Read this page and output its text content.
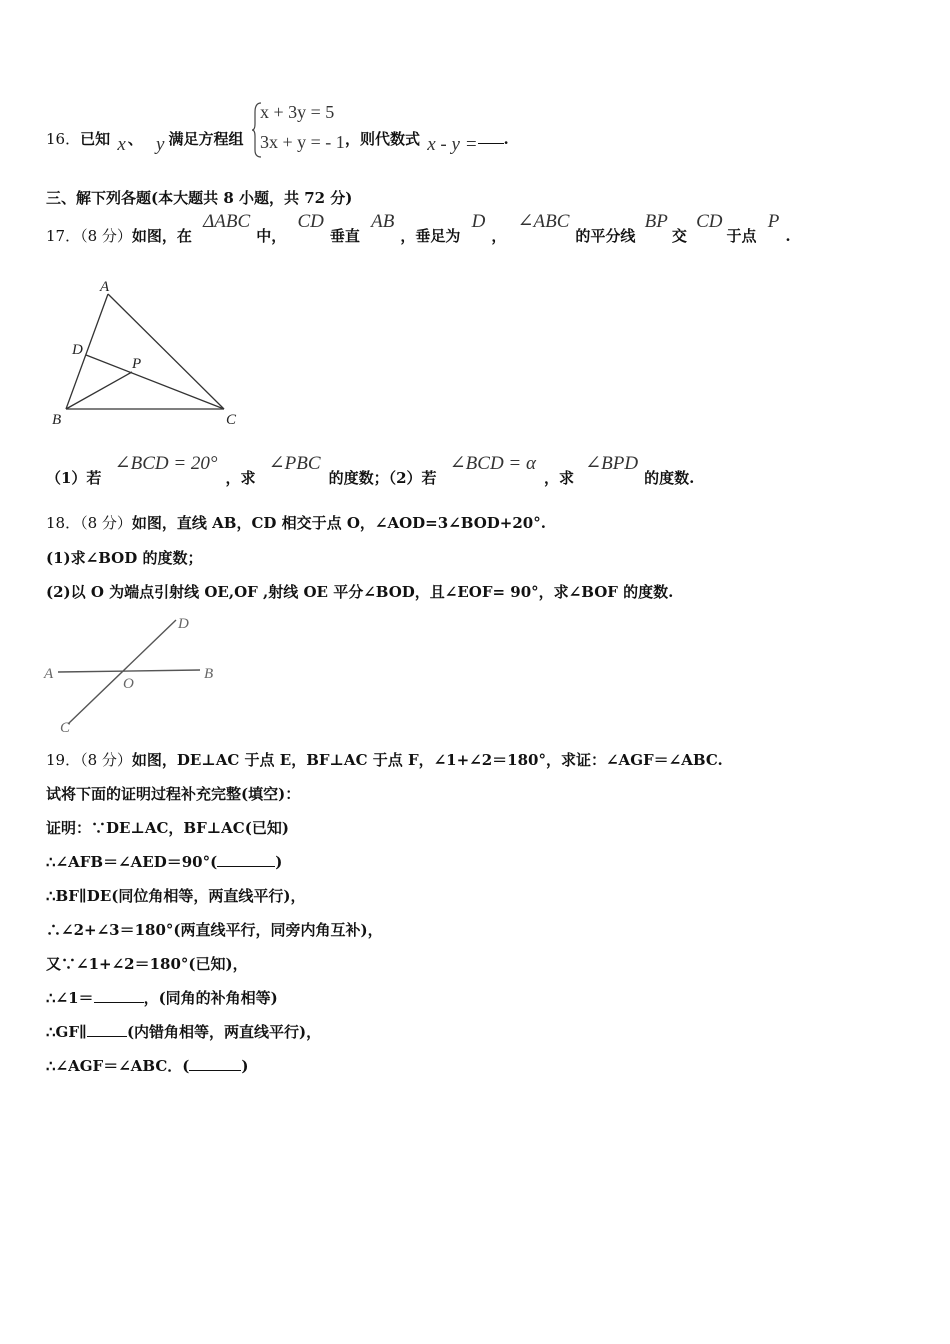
16．已知 x 、 y 满足方程组
x + 3y = 5
3x + y = - 1 ，则代数式 x - y = .
三、解下列各题(本大题共 8 小题，共 72 分)
17．（8 分）如图，在 ΔABC中， CD垂直 AB，垂足为 D， ∠ABC的平分线 BP交 CD于点 P.
A
D
P
B	C
（1）若 ∠BCD = 20°，求 ∠PBC的度数；（2）若 ∠BCD = α，求 ∠BPD的度数.
18．（8 分）如图，直线 AB，CD 相交于点 O，∠AOD=3∠BOD+20°.
(1)求∠BOD 的度数；
(2)以 O 为端点引射线 OE,OF ,射线 OE 平分∠BOD，且∠EOF= 90°，求∠BOF 的度数.
A	B
C
D
O
19．（8 分）如图，DE⊥AC 于点 E，BF⊥AC 于点 F，∠1+∠2＝180°，求证：∠AGF＝∠ABC.
试将下面的证明过程补充完整(填空)：
证明：∵DE⊥AC，BF⊥AC(已知)
∴∠AFB＝∠AED＝90°(	)
∴BF∥DE(同位角相等，两直线平行)，
∴∠2+∠3＝180°(两直线平行，同旁内角互补)，
又∵∠1+∠2＝180°(已知)，
∴∠1＝	，(同角的补角相等)
∴GF∥	(内错角相等，两直线平行)，
∴∠AGF＝∠ABC．(	)
